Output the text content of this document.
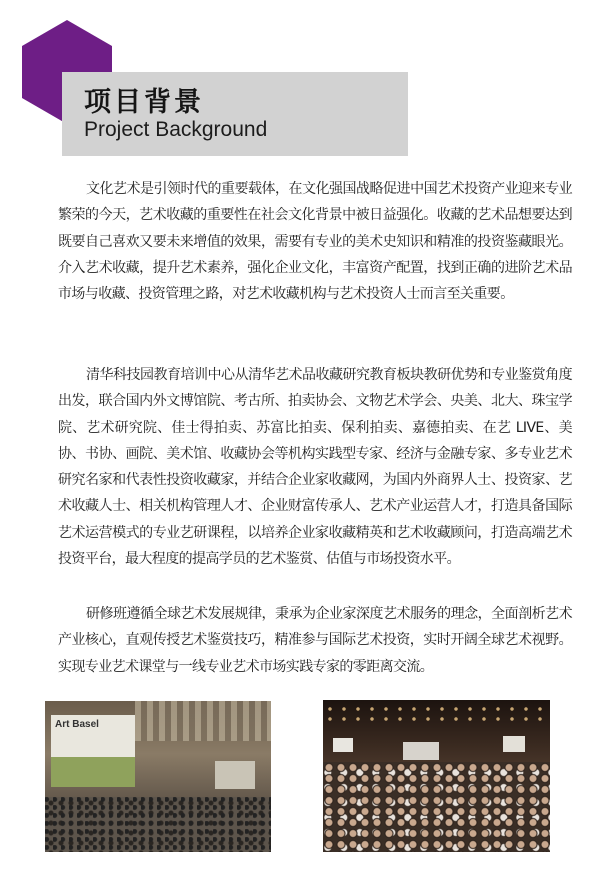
项目背景
Project Background

文化艺术是引领时代的重要载体，在文化强国战略促进中国艺术投资产业迎来专业繁荣的今天，艺术收藏的重要性在社会文化背景中被日益强化。收藏的艺术品想要达到既要自己喜欢又要未来增值的效果，需要有专业的美术史知识和精准的投资鉴藏眼光。介入艺术收藏，提升艺术素养，强化企业文化，丰富资产配置，找到正确的进阶艺术品市场与收藏、投资管理之路，对艺术收藏机构与艺术投资人士而言至关重要。

清华科技园教育培训中心从清华艺术品收藏研究教育板块教研优势和专业鉴赏角度出发，联合国内外文博馆院、考古所、拍卖协会、文物艺术学会、央美、北大、珠宝学院、艺术研究院、佳士得拍卖、苏富比拍卖、保利拍卖、嘉德拍卖、在艺 LIVE、美协、书协、画院、美术馆、收藏协会等机构实践型专家、经济与金融专家、多专业艺术研究名家和代表性投资收藏家，并结合企业家收藏网，为国内外商界人士、投资家、艺术收藏人士、相关机构管理人才、企业财富传承人、艺术产业运营人才，打造具备国际艺术运营模式的专业艺研课程，以培养企业家收藏精英和艺术收藏顾问，打造高端艺术投资平台，最大程度的提高学员的艺术鉴赏、估值与市场投资水平。

研修班遵循全球艺术发展规律，秉承为企业家深度艺术服务的理念，全面剖析艺术产业核心，直观传授艺术鉴赏技巧，精准参与国际艺术投资，实时开阔全球艺术视野。实现专业艺术课堂与一线专业艺术市场实践专家的零距离交流。

Art Basel
